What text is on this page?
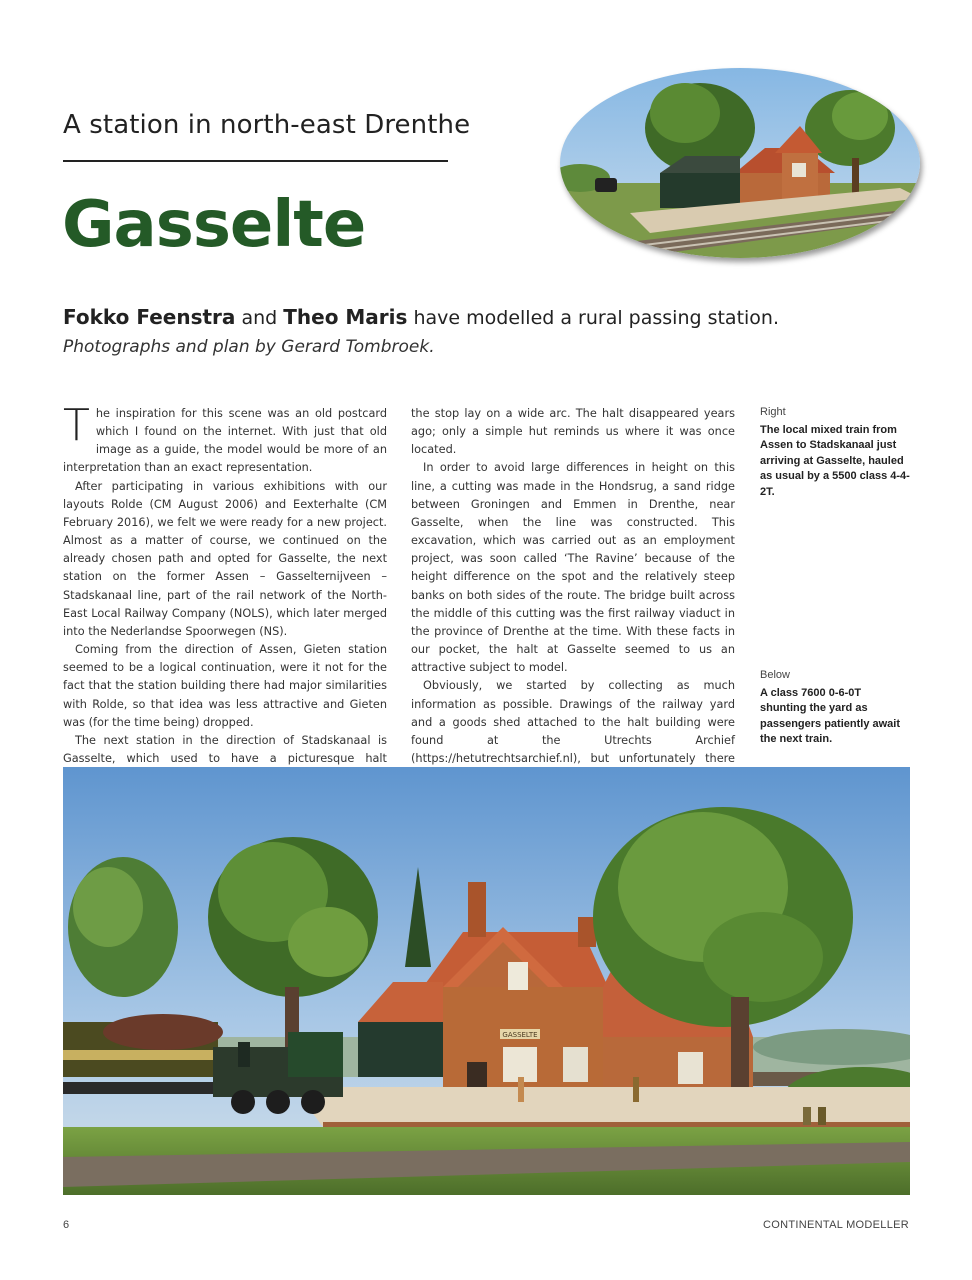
A station in north-east Drenthe
Gasselte
Fokko Feenstra and Theo Maris have modelled a rural passing station.
Photographs and plan by Gerard Tombroek.

The inspiration for this scene was an old postcard which I found on the internet. With just that old image as a guide, the model would be more of an interpretation than an exact representation.

After participating in various exhibitions with our layouts Rolde (CM August 2006) and Eexterhalte (CM February 2016), we felt we were ready for a new project. Almost as a matter of course, we continued on the already chosen path and opted for Gasselte, the next station on the former Assen – Gasselternijveen – Stadskanaal line, part of the rail network of the North-East Local Railway Company (NOLS), which later merged into the Nederlandse Spoorwegen (NS).

Coming from the direction of Assen, Gieten station seemed to be a logical continuation, were it not for the fact that the station building there had major similarities with Rolde, so that idea was less attractive and Gieten was (for the time being) dropped.

The next station in the direction of Stadskanaal is Gasselte, which used to have a picturesque halt

the stop lay on a wide arc. The halt disappeared years ago; only a simple hut reminds us where it was once located.

In order to avoid large differences in height on this line, a cutting was made in the Hondsrug, a sand ridge between Groningen and Emmen in Drenthe, near Gasselte, when the line was constructed. This excavation, which was carried out as an employment project, was soon called ‘The Ravine’ because of the height difference on the spot and the relatively steep banks on both sides of the route. The bridge built across the middle of this cutting was the first railway viaduct in the province of Drenthe at the time. With these facts in our pocket, the halt at Gasselte seemed to us an attractive subject to model.

Obviously, we started by collecting as much information as possible. Drawings of the railway yard and a goods shed attached to the halt building were found at the Utrechts Archief (https://hetutrechtsarchief.nl), but unfortunately there

Right
The local mixed train from Assen to Stadskanaal just arriving at Gasselte, hauled as usual by a 5500 class 4-4-2T.
Below
A class 7600 0-6-0T shunting the yard as passengers patiently await the next train.
GASSELTE
6	CONTINENTAL MODELLER
